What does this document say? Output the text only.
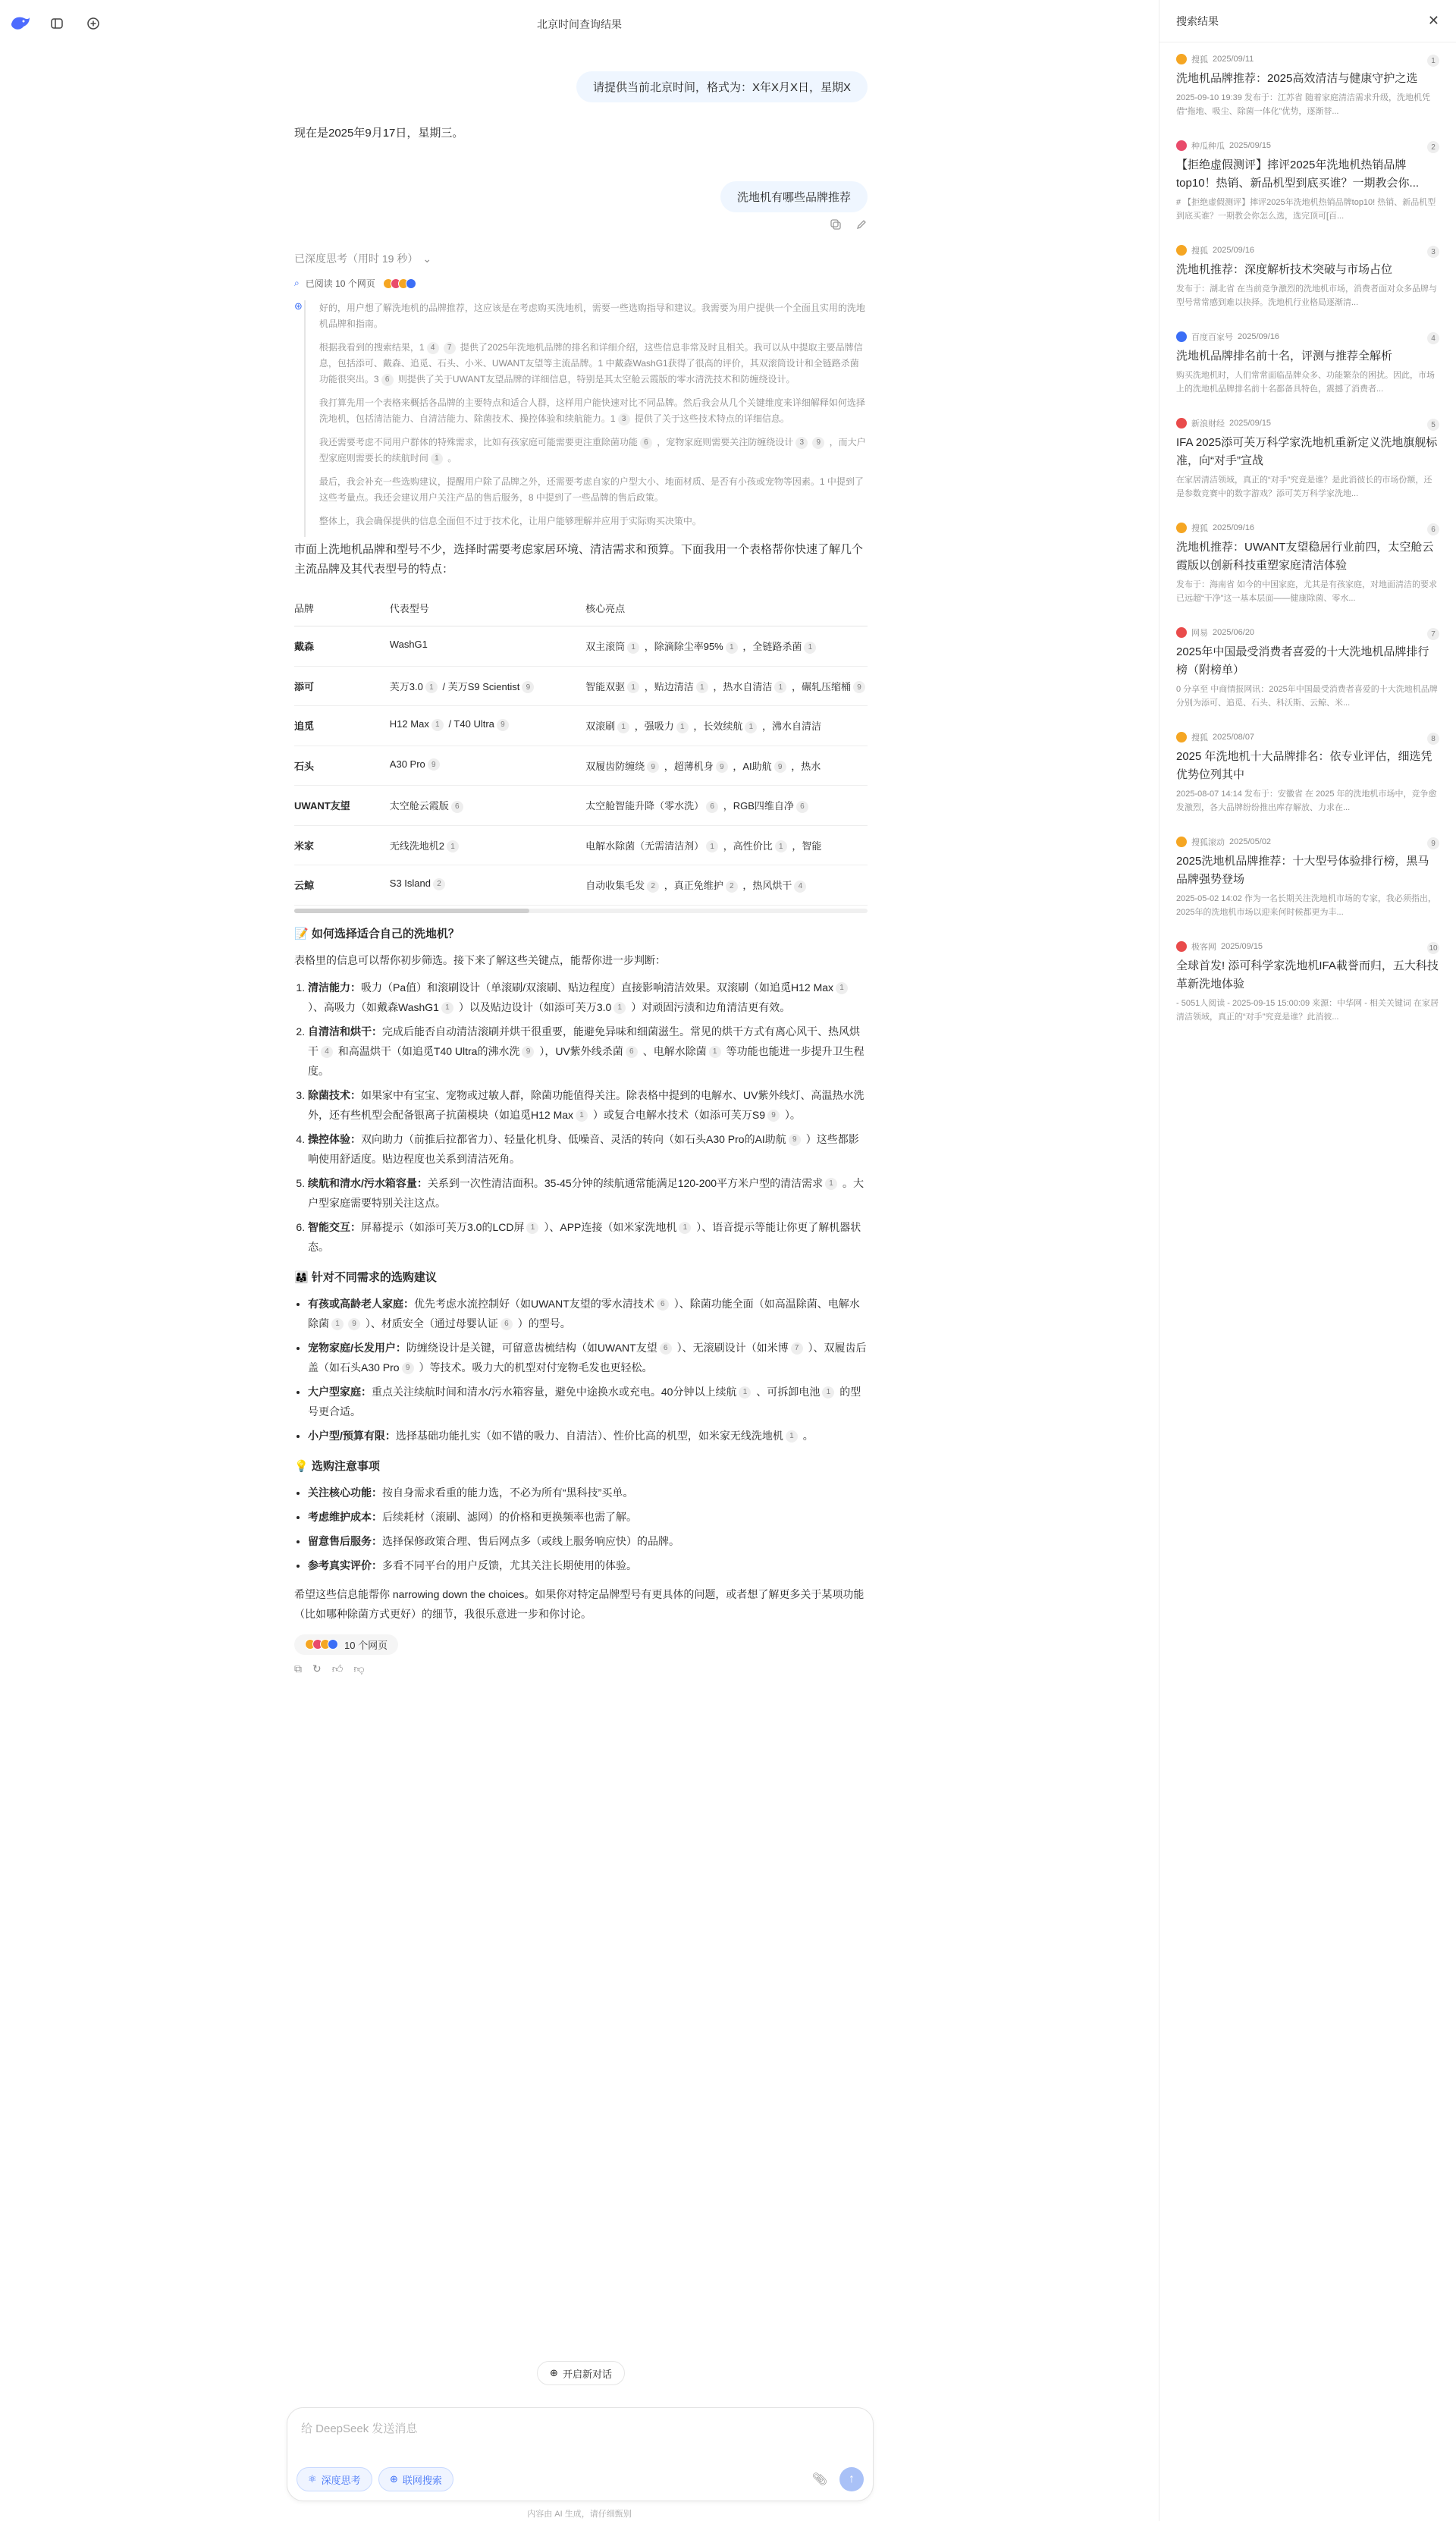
北京时间查询结果
请提供当前北京时间，格式为：X年X月X日，星期X
现在是2025年9月17日，星期三。
洗地机有哪些品牌推荐
已深度思考（用时 19 秒） ⌄
⌕ 已阅读 10 个网页
⊛ 好的，用户想了解洗地机的品牌推荐，这应该是在考虑购买洗地机，需要一些选购指导和建议。我需要为用户提供一个全面且实用的洗地机品牌和指南。

根据我看到的搜索结果，1 4 7 提供了2025年洗地机品牌的排名和详细介绍，这些信息非常及时且相关。我可以从中提取主要品牌信息，包括添可、戴森、追觅、石头、小米、UWANT友望等主流品牌。1 中戴森WashG1获得了很高的评价，其双滚筒设计和全链路杀菌功能很突出。3 6 则提供了关于UWANT友望品牌的详细信息，特别是其太空舱云霞版的零水清洗技术和防缠绕设计。

我打算先用一个表格来概括各品牌的主要特点和适合人群，这样用户能快速对比不同品牌。然后我会从几个关键维度来详细解释如何选择洗地机，包括清洁能力、自清洁能力、除菌技术、操控体验和续航能力。1 3 提供了关于这些技术特点的详细信息。

我还需要考虑不同用户群体的特殊需求，比如有孩家庭可能需要更注重除菌功能 6 ，宠物家庭则需要关注防缠绕设计 3 9 ，而大户型家庭则需要长的续航时间 1 。

最后，我会补充一些选购建议，提醒用户除了品牌之外，还需要考虑自家的户型大小、地面材质、是否有小孩或宠物等因素。1 中提到了这些考量点。我还会建议用户关注产品的售后服务，8 中提到了一些品牌的售后政策。

整体上，我会确保提供的信息全面但不过于技术化，让用户能够理解并应用于实际购买决策中。

市面上洗地机品牌和型号不少，选择时需要考虑家居环境、清洁需求和预算。下面我用一个表格帮你快速了解几个主流品牌及其代表型号的特点：
品牌	代表型号	核心亮点
戴森	WashG1	双主滚筒 1 ，除滴除尘率95% 1 ，全链路杀菌 1
添可	芙万3.0 1 / 芙万S9 Scientist 9	智能双驱 1 ，贴边清洁 1 ，热水自清洁 1 ，碾轧压缩桶 9
追觅	H12 Max 1 / T40 Ultra 9	双滚刷 1 ，强吸力 1 ，长效续航 1 ，沸水自清洁
石头	A30 Pro 9	双履齿防缠绕 9 ，超薄机身 9 ，AI助航 9 ，热水
UWANT友望	太空舱云霞版 6	太空舱智能升降（零水洗） 6 ，RGB四维自净 6
米家	无线洗地机2 1	电解水除菌（无需清洁剂） 1 ，高性价比 1 ，智能
云鲸	S3 Island 2	自动收集毛发 2 ，真正免维护 2 ，热风烘干 4
📝 如何选择适合自己的洗地机？
表格里的信息可以帮你初步筛选。接下来了解这些关键点，能帮你进一步判断：
1. 清洁能力：吸力（Pa值）和滚刷设计（单滚刷/双滚刷、贴边程度）直接影响清洁效果。双滚刷（如追觅H12 Max 1 ）、高吸力（如戴森WashG1 1 ）以及贴边设计（如添可芙万3.0 1 ）对顽固污渍和边角清洁更有效。
2. 自清洁和烘干：完成后能否自动清洁滚刷并烘干很重要，能避免异味和细菌滋生。常见的烘干方式有离心风干、热风烘干 4 和高温烘干（如追觅T40 Ultra的沸水洗 9 ），UV紫外线杀菌 6 、电解水除菌 1 等功能也能进一步提升卫生程度。
3. 除菌技术：如果家中有宝宝、宠物或过敏人群，除菌功能值得关注。除表格中提到的电解水、UV紫外线灯、高温热水洗外，还有些机型会配备银离子抗菌模块（如追觅H12 Max 1 ）或复合电解水技术（如添可芙万S9 9 ）。
4. 操控体验：双向助力（前推后拉都省力）、轻量化机身、低噪音、灵活的转向（如石头A30 Pro的AI助航 9 ）这些都影响使用舒适度。贴边程度也关系到清洁死角。
5. 续航和清水/污水箱容量：关系到一次性清洁面积。35-45分钟的续航通常能满足120-200平方米户型的清洁需求 1 。大户型家庭需要特别关注这点。
6. 智能交互：屏幕提示（如添可芙万3.0的LCD屏 1 ）、APP连接（如米家洗地机 1 ）、语音提示等能让你更了解机器状态。
👨‍👩‍👧 针对不同需求的选购建议
• 有孩或高龄老人家庭：优先考虑水流控制好（如UWANT友望的零水清技术 6 ）、除菌功能全面（如高温除菌、电解水除菌 1 9 ）、材质安全（通过母婴认证 6 ）的型号。
• 宠物家庭/长发用户：防缠绕设计是关键，可留意齿梳结构（如UWANT友望 6 ）、无滚刷设计（如米博 7 ）、双履齿后盖（如石头A30 Pro 9 ）等技术。吸力大的机型对付宠物毛发也更轻松。
• 大户型家庭：重点关注续航时间和清水/污水箱容量，避免中途换水或充电。40分钟以上续航 1 、可拆卸电池 1 的型号更合适。
• 小户型/预算有限：选择基础功能扎实（如不错的吸力、自清洁）、性价比高的机型，如米家无线洗地机 1 。
💡 选购注意事项
• 关注核心功能：按自身需求看重的能力选，不必为所有“黑科技”买单。
• 考虑维护成本：后续耗材（滚刷、滤网）的价格和更换频率也需了解。
• 留意售后服务：选择保修政策合理、售后网点多（或线上服务响应快）的品牌。
• 参考真实评价：多看不同平台的用户反馈，尤其关注长期使用的体验。
希望这些信息能帮你 narrowing down the choices。如果你对特定品牌型号有更具体的问题，或者想了解更多关于某项功能（比如哪种除菌方式更好）的细节，我很乐意进一步和你讨论。
10 个网页
⧉ ↻ 👍︎ 👎︎
⊕ 开启新对话
给 DeepSeek 发送消息
⚛ 深度思考	⊕ 联网搜索	📎︎ ↑
内容由 AI 生成，请仔细甄别
搜索结果	✕
搜狐 2025/09/11	1
洗地机品牌推荐：2025高效清洁与健康守护之选
2025-09-10 19:39 发布于：江苏省 随着家庭清洁需求升级，洗地机凭借“拖地、吸尘、除菌一体化”优势，逐渐替...
种瓜种瓜 2025/09/15	2
【拒绝虚假测评】摔评2025年洗地机热销品牌top10！热销、新品机型到底买谁？一期教会你...
# 【拒绝虚假测评】摔评2025年洗地机热销品牌top10! 热销、新品机型到底买谁？一期教会你怎么选，选完顶可[百...
搜狐 2025/09/16	3
洗地机推荐：深度解析技术突破与市场占位
发布于：湖北省 在当前竞争激烈的洗地机市场，消费者面对众多品牌与型号常常感到难以抉择。洗地机行业格局逐渐清...
百度百家号 2025/09/16	4
洗地机品牌排名前十名，评测与推荐全解析
购买洗地机时，人们常常面临品牌众多、功能繁杂的困扰。因此，市场上的洗地机品牌排名前十名都备具特色，震撼了消费者...
新浪财经 2025/09/15	5
IFA 2025添可芙万科学家洗地机重新定义洗地旗舰标准，向“对手”宣战
在家居清洁领域，真正的“对手”究竟是谁？是此消彼长的市场份额，还是参数竞赛中的数字游戏？添可芙万科学家洗地...
搜狐 2025/09/16	6
洗地机推荐：UWANT友望稳居行业前四，太空舱云霞版以创新科技重塑家庭清洁体验
发布于：海南省 如今的中国家庭，尤其是有孩家庭，对地面清洁的要求已远超“干净”这一基本层面——健康除菌、零水...
网易 2025/06/20	7
2025年中国最受消费者喜爱的十大洗地机品牌排行榜（附榜单）
0 分享至 中商情报网讯：2025年中国最受消费者喜爱的十大洗地机品牌分别为添可、追觅、石头、科沃斯、云鲸、米...
搜狐 2025/08/07	8
2025 年洗地机十大品牌排名：依专业评估，细选凭优势位列其中
2025-08-07 14:14 发布于：安徽省 在 2025 年的洗地机市场中，竞争愈发激烈，各大品牌纷纷推出库存解放、力求在...
搜狐滚动 2025/05/02	9
2025洗地机品牌推荐：十大型号体验排行榜，黑马品牌强势登场
2025-05-02 14:02 作为一名长期关注洗地机市场的专家，我必须指出，2025年的洗地机市场以迎来何时候都更为丰...
极客网 2025/09/15	10
全球首发! 添可科学家洗地机IFA載誉而归，五大科技革新洗地体验
- 5051人阅读 - 2025-09-15 15:00:09 来源：中华网 - 相关关键词 在家居清洁领域，真正的“对手”究竟是谁？此消彼...
